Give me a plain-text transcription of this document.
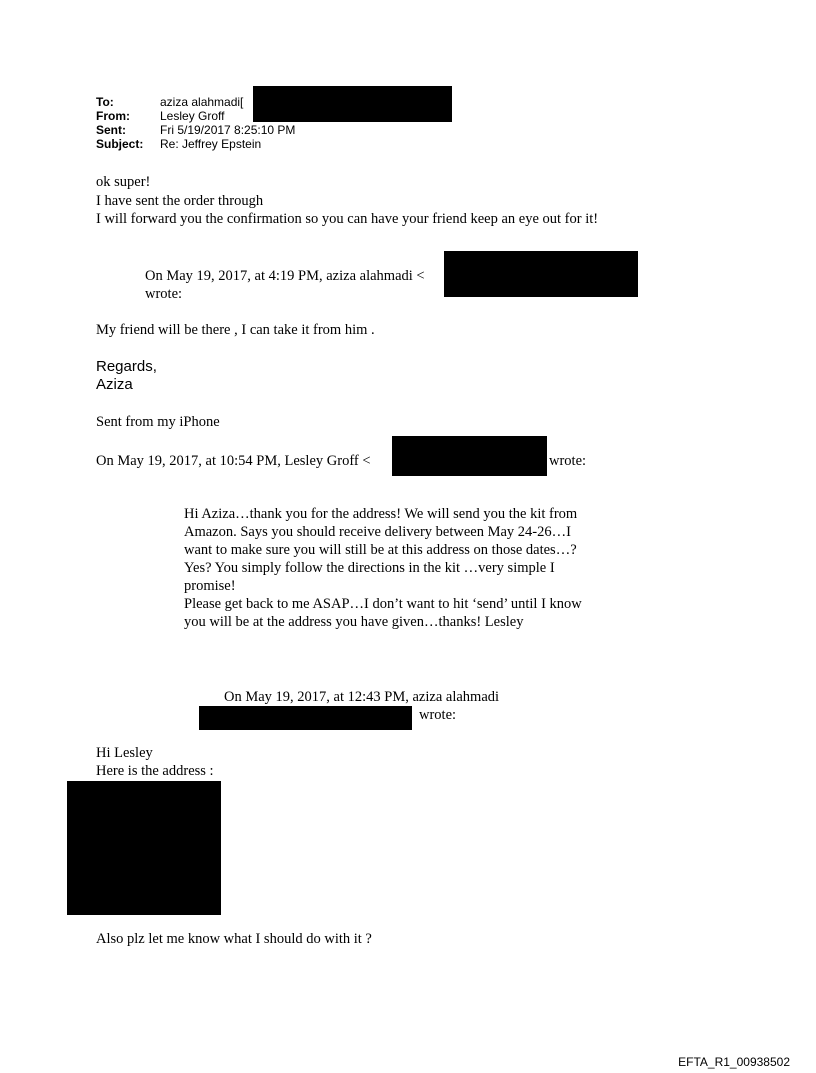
To:	aziza alahmadi[
From:	Lesley Groff
Sent:	Fri 5/19/2017 8:25:10 PM
Subject: Re: Jeffrey Epstein
ok super!
I have sent the order through
I will forward you the confirmation so you can have your friend keep an eye out for it!
On May 19, 2017, at 4:19 PM, aziza alahmadi <
wrote:
My friend will be there , I can take it from him .
Regards,
Aziza
Sent from my iPhone
On May 19, 2017, at 10:54 PM, Lesley Groff <	wrote:
Hi Aziza…thank you for the address! We will send you the kit from
Amazon. Says you should receive delivery between May 24-26…I
want to make sure you will still be at this address on those dates…?
Yes? You simply follow the directions in the kit …very simple I
promise!
Please get back to me ASAP…I don’t want to hit ‘send’ until I know
you will be at the address you have given…thanks! Lesley
On May 19, 2017, at 12:43 PM, aziza alahmadi
wrote:
Hi Lesley
Here is the address :
Also plz let me know what I should do with it ?
EFTA_R1_00938502
